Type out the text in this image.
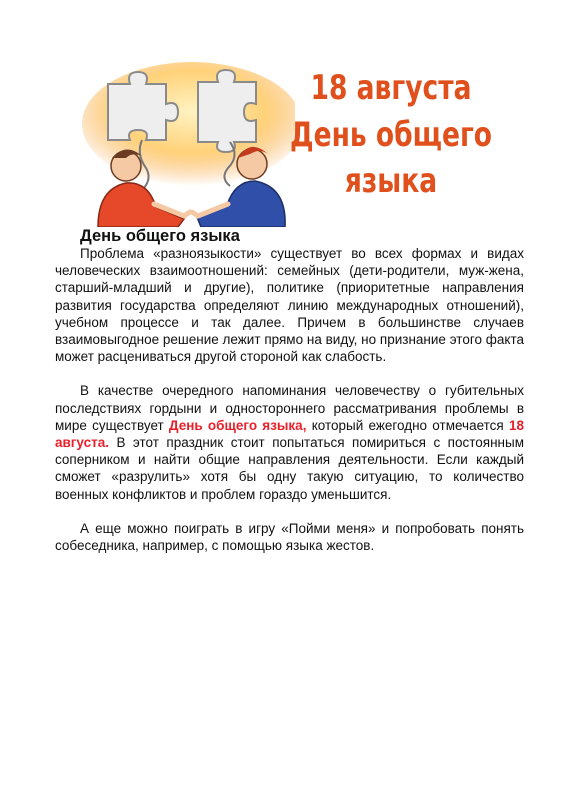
18 августа
День общего
языка
День общего языка

Проблема «разноязыкости» существует во всех формах и видах человеческих взаимоотношений: семейных (дети-родители, муж-жена, старший-младший и другие), политике (приоритетные направления развития государства определяют линию международных отношений), учебном процессе и так далее. Причем в большинстве случаев взаимовыгодное решение лежит прямо на виду, но признание этого факта может расцениваться другой стороной как слабость.

В качестве очередного напоминания человечеству о губительных последствиях гордыни и одностороннего рассматривания проблемы в мире существует День общего языка, который ежегодно отмечается 18 августа. В этот праздник стоит попытаться помириться с постоянным соперником и найти общие направления деятельности. Если каждый сможет «разрулить» хотя бы одну такую ситуацию, то количество военных конфликтов и проблем гораздо уменьшится.

А еще можно поиграть в игру «Пойми меня» и попробовать понять собеседника, например, с помощью языка жестов.
